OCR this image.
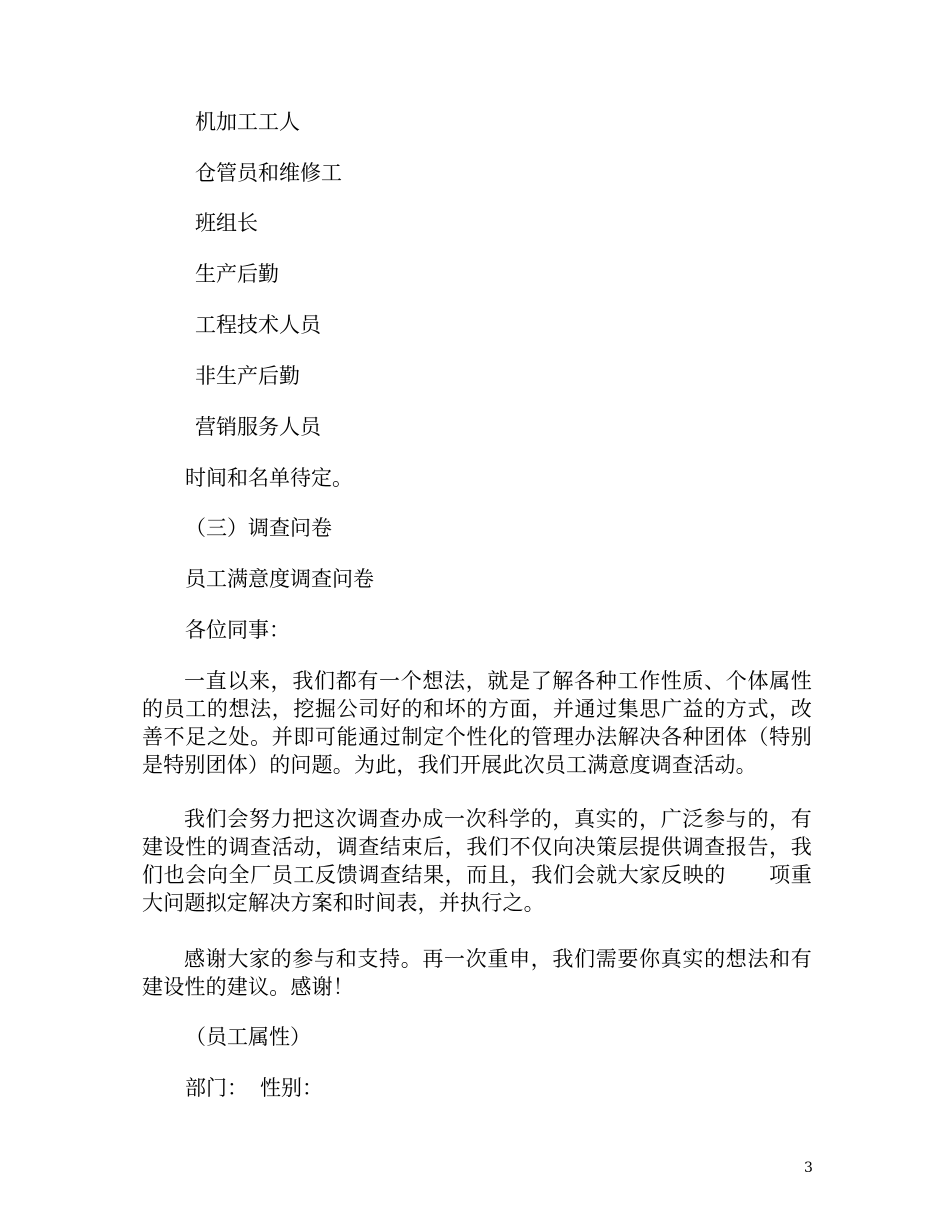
机加工工人

仓管员和维修工

班组长

生产后勤

工程技术人员

非生产后勤

营销服务人员

时间和名单待定。

（三）调查问卷

员工满意度调查问卷

各位同事：

一直以来，我们都有一个想法，就是了解各种工作性质、个体属性的员工的想法，挖掘公司好的和坏的方面，并通过集思广益的方式，改善不足之处。并即可能通过制定个性化的管理办法解决各种团体（特别是特别团体）的问题。为此，我们开展此次员工满意度调查活动。

我们会努力把这次调查办成一次科学的，真实的，广泛参与的，有建设性的调查活动，调查结束后，我们不仅向决策层提供调查报告，我们也会向全厂员工反馈调查结果，而且，我们会就大家反映的　　项重大问题拟定解决方案和时间表，并执行之。

感谢大家的参与和支持。再一次重申，我们需要你真实的想法和有建设性的建议。感谢！

（员工属性）

部门： 性别：

3
